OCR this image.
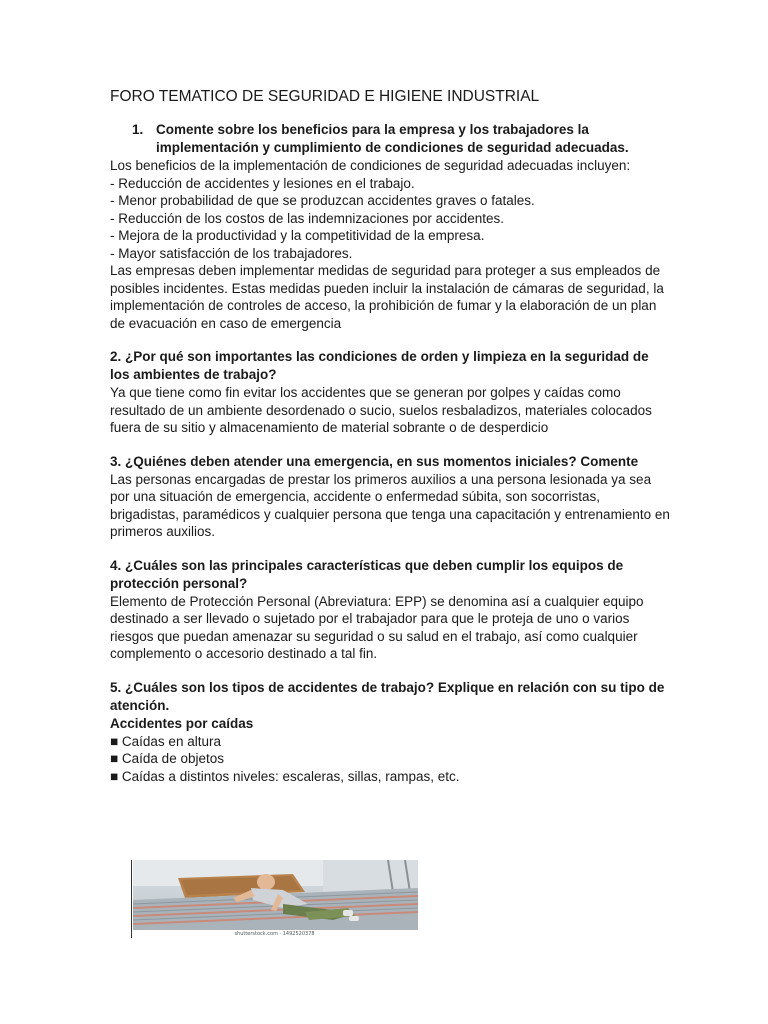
FORO TEMATICO DE SEGURIDAD E HIGIENE INDUSTRIAL
1. Comente sobre los beneficios para la empresa y los trabajadores la implementación y cumplimiento de condiciones de seguridad adecuadas.

Los beneficios de la implementación de condiciones de seguridad adecuadas incluyen:

- Reducción de accidentes y lesiones en el trabajo.

- Menor probabilidad de que se produzcan accidentes graves o fatales.

- Reducción de los costos de las indemnizaciones por accidentes.

- Mejora de la productividad y la competitividad de la empresa.

- Mayor satisfacción de los trabajadores.

Las empresas deben implementar medidas de seguridad para proteger a sus empleados de posibles incidentes. Estas medidas pueden incluir la instalación de cámaras de seguridad, la implementación de controles de acceso, la prohibición de fumar y la elaboración de un plan de evacuación en caso de emergencia

2. ¿Por qué son importantes las condiciones de orden y limpieza en la seguridad de los ambientes de trabajo?

Ya que tiene como fin evitar los accidentes que se generan por golpes y caídas como resultado de un ambiente desordenado o sucio, suelos resbaladizos, materiales colocados fuera de su sitio y almacenamiento de material sobrante o de desperdicio

3. ¿Quiénes deben atender una emergencia, en sus momentos iniciales? Comente

Las personas encargadas de prestar los primeros auxilios a una persona lesionada ya sea por una situación de emergencia, accidente o enfermedad súbita, son socorristas, brigadistas, paramédicos y cualquier persona que tenga una capacitación y entrenamiento en primeros auxilios.

4. ¿Cuáles son las principales características que deben cumplir los equipos de protección personal?

Elemento de Protección Personal (Abreviatura: EPP) se denomina así a cualquier equipo destinado a ser llevado o sujetado por el trabajador para que le proteja de uno o varios riesgos que puedan amenazar su seguridad o su salud en el trabajo, así como cualquier complemento o accesorio destinado a tal fin.

5. ¿Cuáles son los tipos de accidentes de trabajo? Explique en relación con su tipo de atención.

Accidentes por caídas

■ Caídas en altura

■ Caída de objetos

■ Caídas a distintos niveles: escaleras, sillas, rampas, etc.

shutterstock.com · 1492520378
